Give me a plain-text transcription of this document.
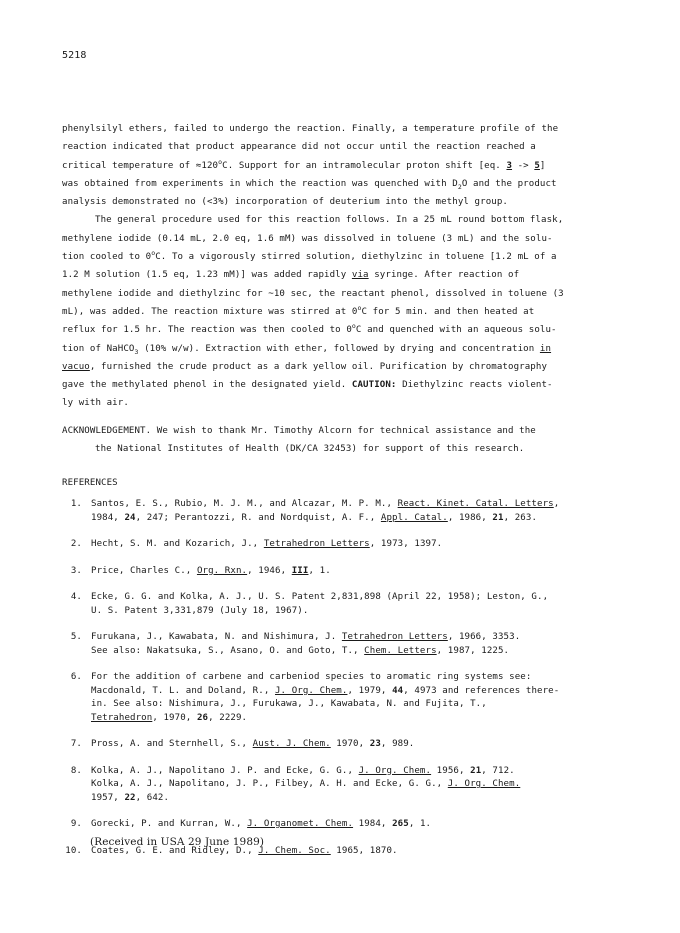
5218

phenylsilyl ethers, failed to undergo the reaction. Finally, a temperature profile of the
reaction indicated that product appearance did not occur until the reaction reached a
critical temperature of $\approx 120^oC$. Support for an intramolecular proton shift [eq. 3 -> 5]
was obtained from experiments in which the reaction was quenched with $D_2O$ and the product
analysis demonstrated no (<3%) incorporation of deuterium into the methyl group.

The general procedure used for this reaction follows. In a 25 mL round bottom flask,
methylene iodide (0.14 mL, 2.0 eq, 1.6 mM) was dissolved in toluene (3 mL) and the solu-
tion cooled to 0$^o$C. To a vigorously stirred solution, diethylzinc in toluene [1.2 mL of a
1.2 M solution (1.5 eq, 1.23 mM)] was added rapidly via syringe. After reaction of
methylene iodide and diethylzinc for ~10 sec, the reactant phenol, dissolved in toluene (3
mL), was added. The reaction mixture was stirred at 0$^o$C for 5 min. and then heated at
reflux for 1.5 hr. The reaction was then cooled to 0$^o$C and quenched with an aqueous solu-
tion of NaHCO$_3$ (10% w/w). Extraction with ether, followed by drying and concentration in
vacuo, furnished the crude product as a dark yellow oil. Purification by chromatography
gave the methylated phenol in the designated yield. CAUTION: Diethylzinc reacts violent-
ly with air.

ACKNOWLEDGEMENT. We wish to thank Mr. Timothy Alcorn for technical assistance and the
the National Institutes of Health (DK/CA 32453) for support of this research.
REFERENCES
1. Santos, E. S., Rubio, M. J. M., and Alcazar, M. P. M., React. Kinet. Catal. Letters,
1984, 24, 247; Perantozzi, R. and Nordquist, A. F., Appl. Catal., 1986, 21, 263.
2. Hecht, S. M. and Kozarich, J., Tetrahedron Letters, 1973, 1397.
3. Price, Charles C., Org. Rxn., 1946, III, 1.
4. Ecke, G. G. and Kolka, A. J., U. S. Patent 2,831,898 (April 22, 1958); Leston, G.,
U. S. Patent 3,331,879 (July 18, 1967).
5. Furukana, J., Kawabata, N. and Nishimura, J. Tetrahedron Letters, 1966, 3353.
See also: Nakatsuka, S., Asano, O. and Goto, T., Chem. Letters, 1987, 1225.
6. For the addition of carbene and carbeniod species to aromatic ring systems see:
Macdonald, T. L. and Doland, R., J. Org. Chem., 1979, 44, 4973 and references there-
in. See also: Nishimura, J., Furukawa, J., Kawabata, N. and Fujita, T.,
Tetrahedron, 1970, 26, 2229.
7. Pross, A. and Sternhell, S., Aust. J. Chem. 1970, 23, 989.
8. Kolka, A. J., Napolitano J. P. and Ecke, G. G., J. Org. Chem. 1956, 21, 712.
Kolka, A. J., Napolitano, J. P., Filbey, A. H. and Ecke, G. G., J. Org. Chem.
1957, 22, 642.
9. Gorecki, P. and Kurran, W., J. Organomet. Chem. 1984, 265, 1.
10. Coates, G. E. and Ridley, D., J. Chem. Soc. 1965, 1870.
(Received in USA 29 June 1989)
